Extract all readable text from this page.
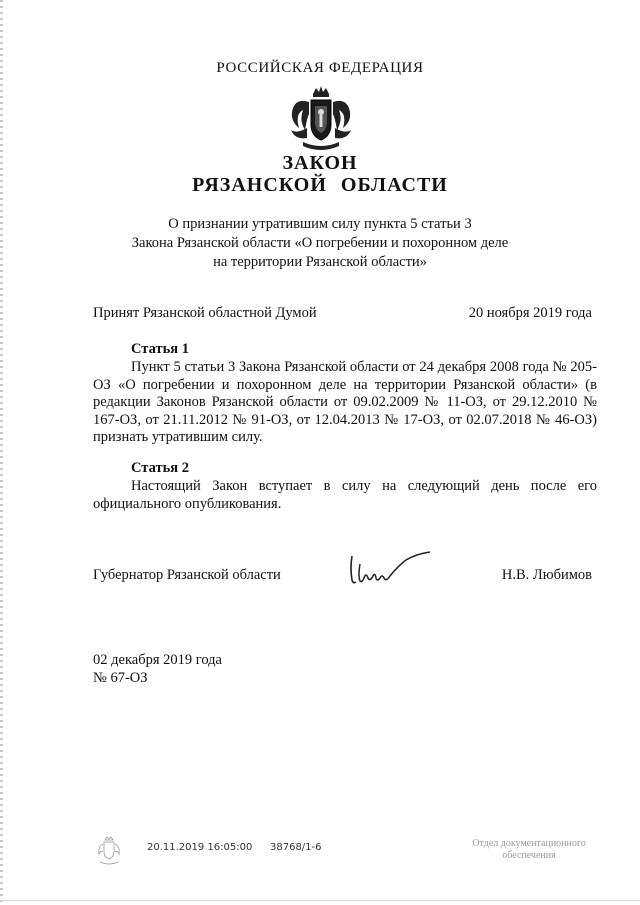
РОССИЙСКАЯ ФЕДЕРАЦИЯ
ЗАКОН
РЯЗАНСКОЙ ОБЛАСТИ
О признании утратившим силу пункта 5 статьи 3
Закона Рязанской области «О погребении и похоронном деле
на территории Рязанской области»
Принят Рязанской областной Думой	20 ноября 2019 года
Статья 1
Пункт 5 статьи 3 Закона Рязанской области от 24 декабря 2008 года № 205-ОЗ «О погребении и похоронном деле на территории Рязанской области» (в редакции Законов Рязанской области от 09.02.2009 № 11-ОЗ, от 29.12.2010 № 167-ОЗ, от 21.11.2012 № 91-ОЗ, от 12.04.2013 № 17-ОЗ, от 02.07.2018 № 46-ОЗ) признать утратившим силу.
Статья 2
Настоящий Закон вступает в силу на следующий день после его официального опубликования.
Губернатор Рязанской области	Н.В. Любимов
02 декабря 2019 года
№ 67-ОЗ
20.11.2019 16:05:00 38768/1-6	Отдел документационного
обеспечения
